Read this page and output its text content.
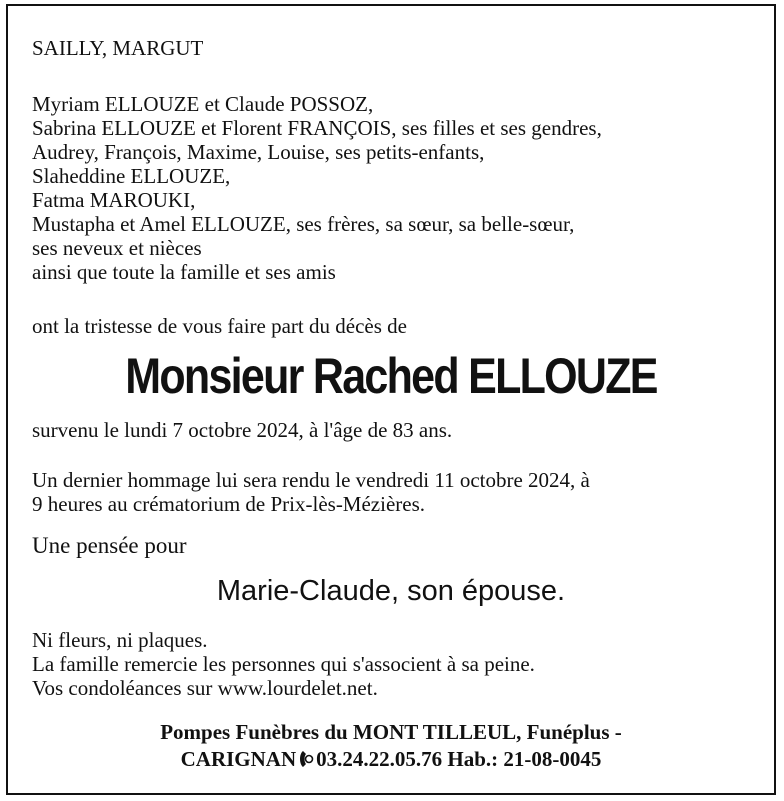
SAILLY, MARGUT
Myriam ELLOUZE et Claude POSSOZ,
Sabrina ELLOUZE et Florent FRANÇOIS, ses filles et ses gendres,
Audrey, François, Maxime, Louise, ses petits-enfants,
Slaheddine ELLOUZE,
Fatma MAROUKI,
Mustapha et Amel ELLOUZE, ses frères, sa sœur, sa belle-sœur,
ses neveux et nièces
ainsi que toute la famille et ses amis
ont la tristesse de vous faire part du décès de
Monsieur Rached ELLOUZE
survenu le lundi 7 octobre 2024, à l'âge de 83 ans.
Un dernier hommage lui sera rendu le vendredi 11 octobre 2024, à
9 heures au crématorium de Prix-lès-Mézières.
Une pensée pour
Marie-Claude, son épouse.
Ni fleurs, ni plaques.
La famille remercie les personnes qui s'associent à sa peine.
Vos condoléances sur www.lourdelet.net.
Pompes Funèbres du MONT TILLEUL, Funéplus -
CARIGNAN 03.24.22.05.76 Hab.: 21-08-0045
